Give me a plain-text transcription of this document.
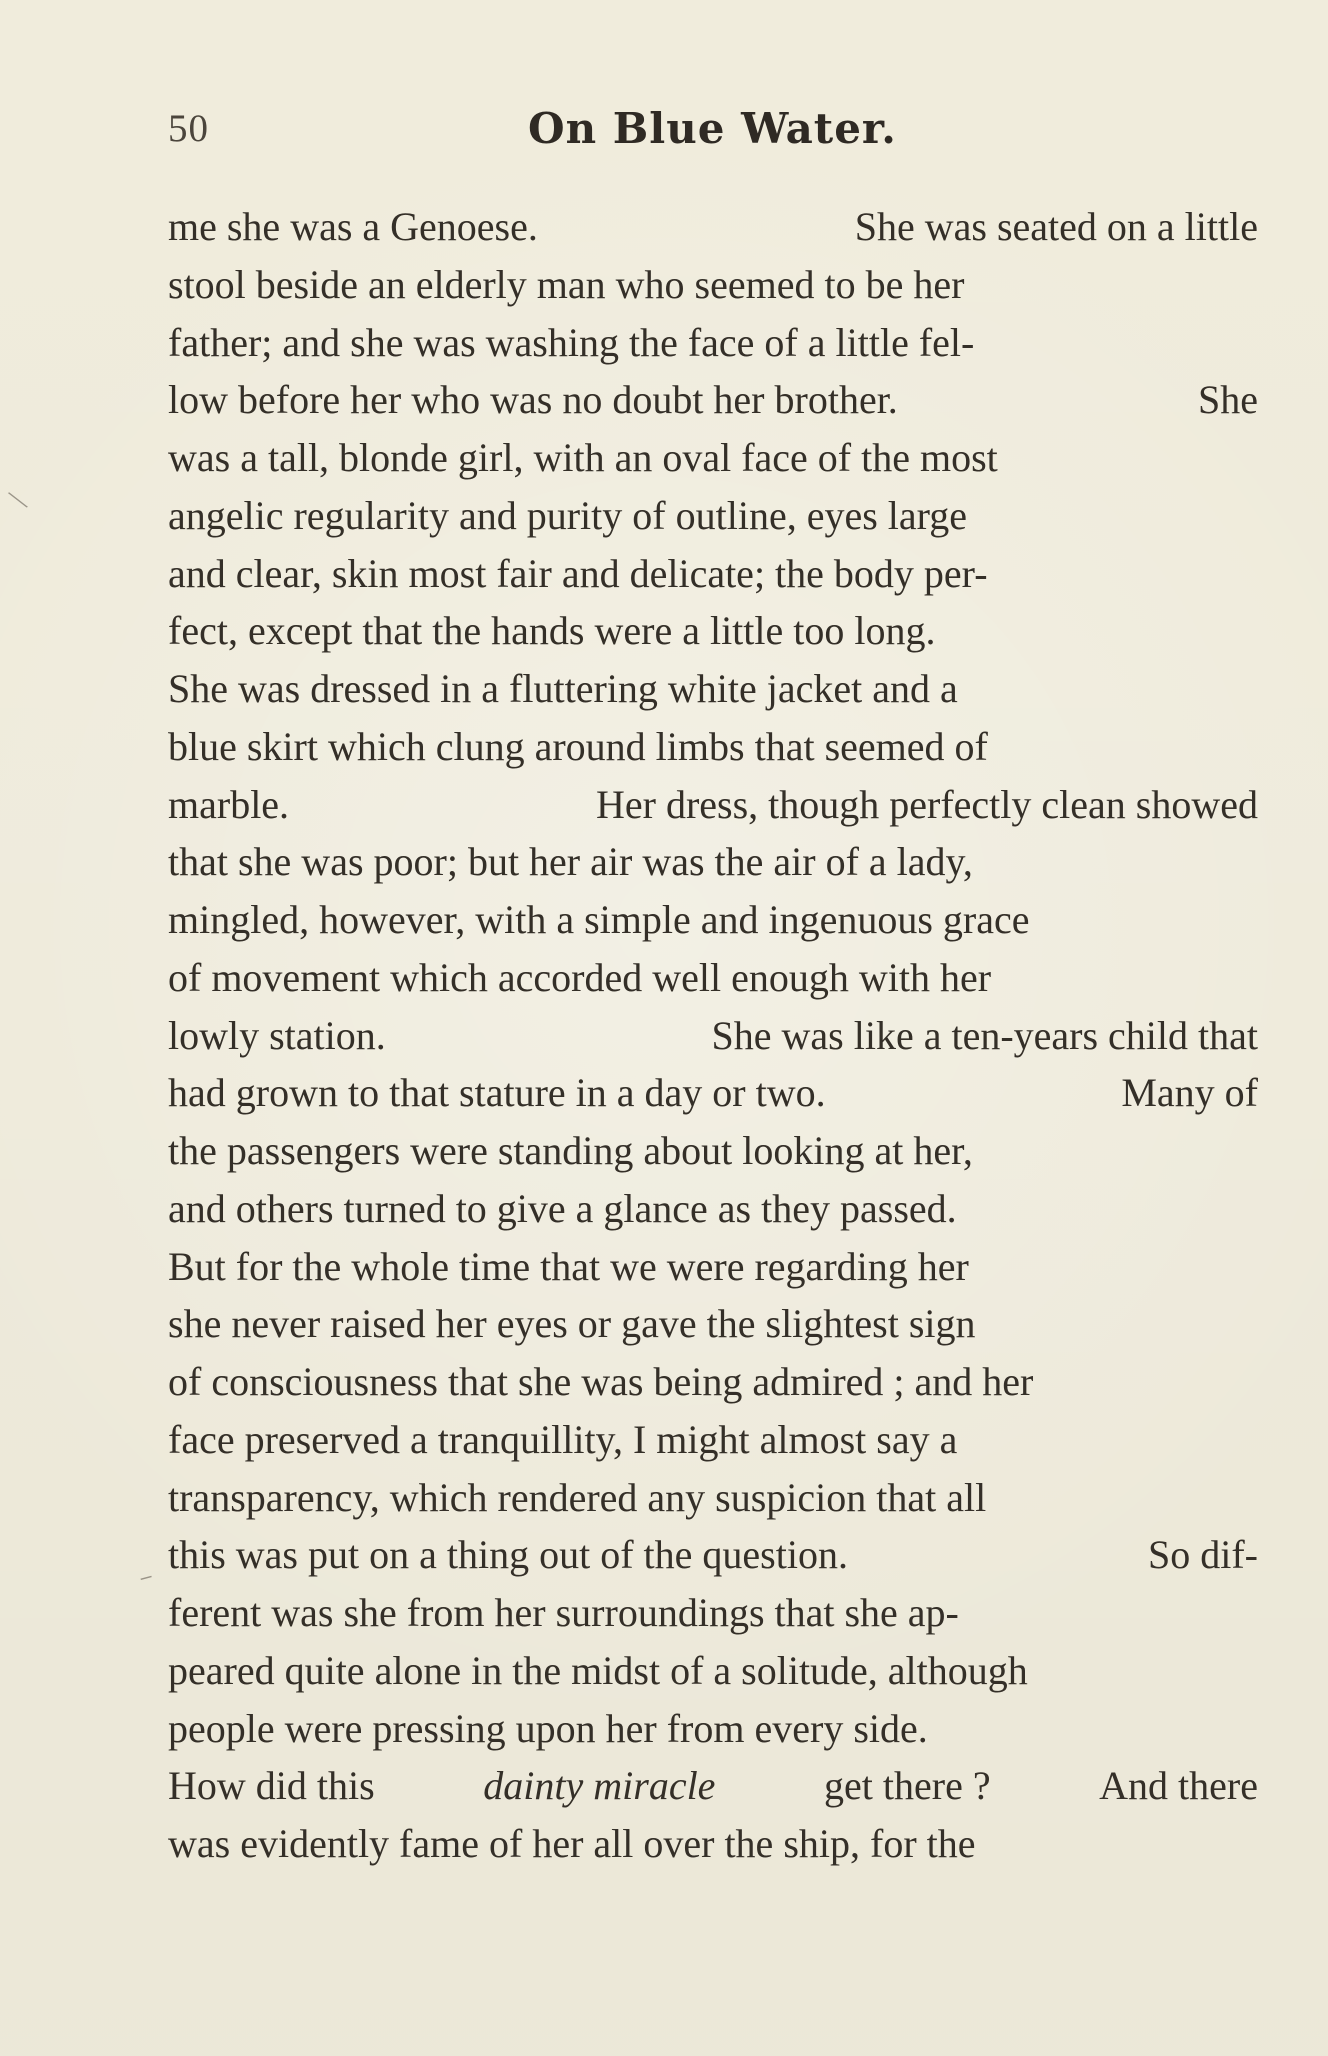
╲
─
50	On Blue Water.
me she was a Genoese.	She was seated on a little
stool beside an elderly man who seemed to be her
father; and she was washing the face of a little fel-
low before her who was no doubt her brother.	She
was a tall, blonde girl, with an oval face of the most
angelic regularity and purity of outline, eyes large
and clear, skin most fair and delicate; the body per-
fect, except that the hands were a little too long.
She was dressed in a fluttering white jacket and a
blue skirt which clung around limbs that seemed of
marble.	Her dress, though perfectly clean showed
that she was poor; but her air was the air of a lady,
mingled, however, with a simple and ingenuous grace
of movement which accorded well enough with her
lowly station.	She was like a ten-years child that
had grown to that stature in a day or two.	Many of
the passengers were standing about looking at her,
and others turned to give a glance as they passed.
But for the whole time that we were regarding her
she never raised her eyes or gave the slightest sign
of consciousness that she was being admired ; and her
face preserved a tranquillity, I might almost say a
transparency, which rendered any suspicion that all
this was put on a thing out of the question.	So dif-
ferent was she from her surroundings that she ap-
peared quite alone in the midst of a solitude, although
people were pressing upon her from every side.
How did this	dainty miracle	get there ?	And there
was evidently fame of her all over the ship, for the
